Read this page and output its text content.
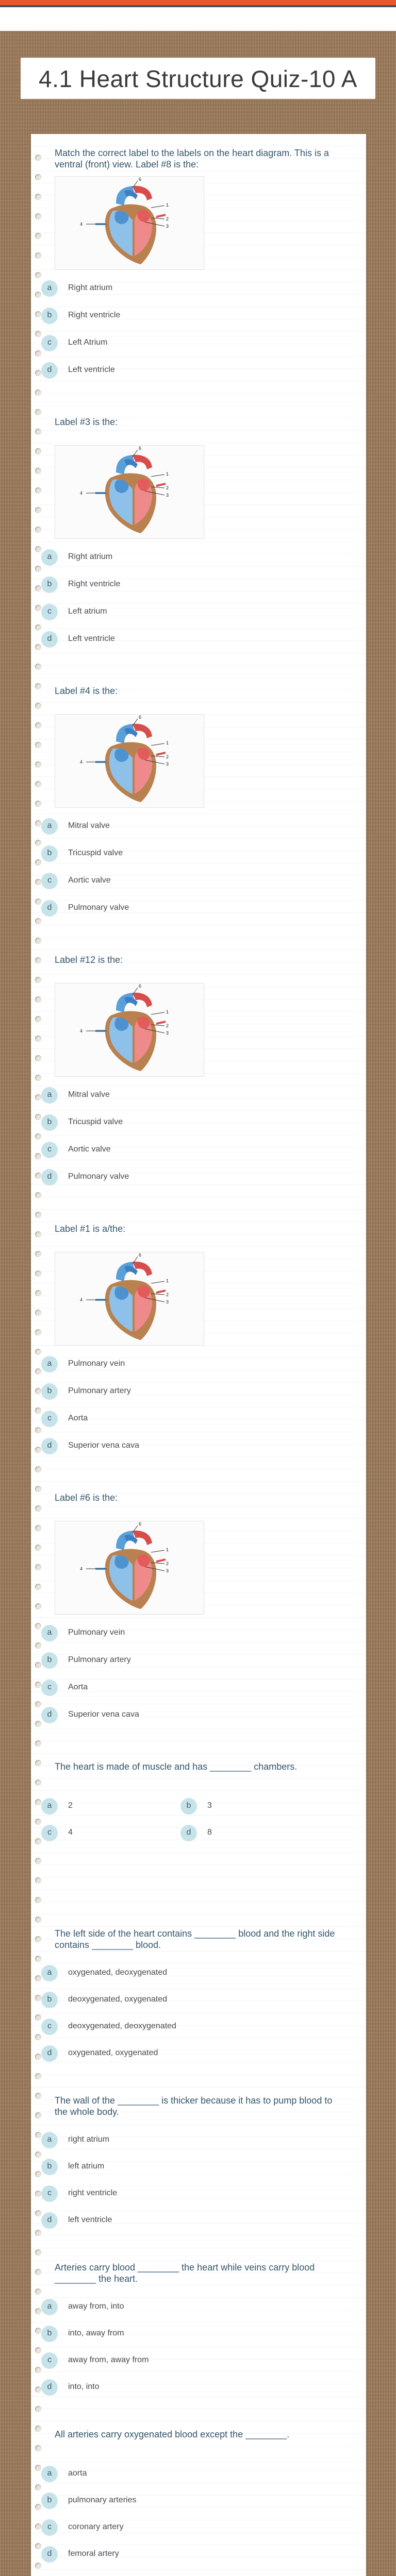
4.1 Heart Structure Quiz-10 A
Match the correct label to the labels on the heart diagram. This is a ventral (front) view. Label #8 is the:
4
1
2
3
6
a	Right atrium
b	Right ventricle
c	Left Atrium
d	Left ventricle
Label #3 is the:
4
1
2
3
6
a	Right atrium
b	Right ventricle
c	Left atrium
d	Left ventricle
Label #4 is the:
4
1
2
3
6
a	Mitral valve
b	Tricuspid valve
c	Aortic valve
d	Pulmonary valve
Label #12 is the:
4
1
2
3
6
a	Mitral valve
b	Tricuspid valve
c	Aortic valve
d	Pulmonary valve
Label #1 is a/the:
4
1
2
3
6
a	Pulmonary vein
b	Pulmonary artery
c	Aorta
d	Superior vena cava
Label #6 is the:
4
1
2
3
6
a	Pulmonary vein
b	Pulmonary artery
c	Aorta
d	Superior vena cava
The heart is made of muscle and has ________ chambers.
a	2	b	3
c	4	d	8
The left side of the heart contains ________ blood and the right side contains ________ blood.
a	oxygenated, deoxygenated
b	deoxygenated, oxygenated
c	deoxygenated, deoxygenated
d	oxygenated, oxygenated
The wall of the ________ is thicker because it has to pump blood to the whole body.
a	right atrium
b	left atrium
c	right ventricle
d	left ventricle
Arteries carry blood ________ the heart while veins carry blood ________ the heart.
a	away from, into
b	into, away from
c	away from, away from
d	into, into
All arteries carry oxygenated blood except the ________.
a	aorta
b	pulmonary arteries
c	coronary artery
d	femoral artery
